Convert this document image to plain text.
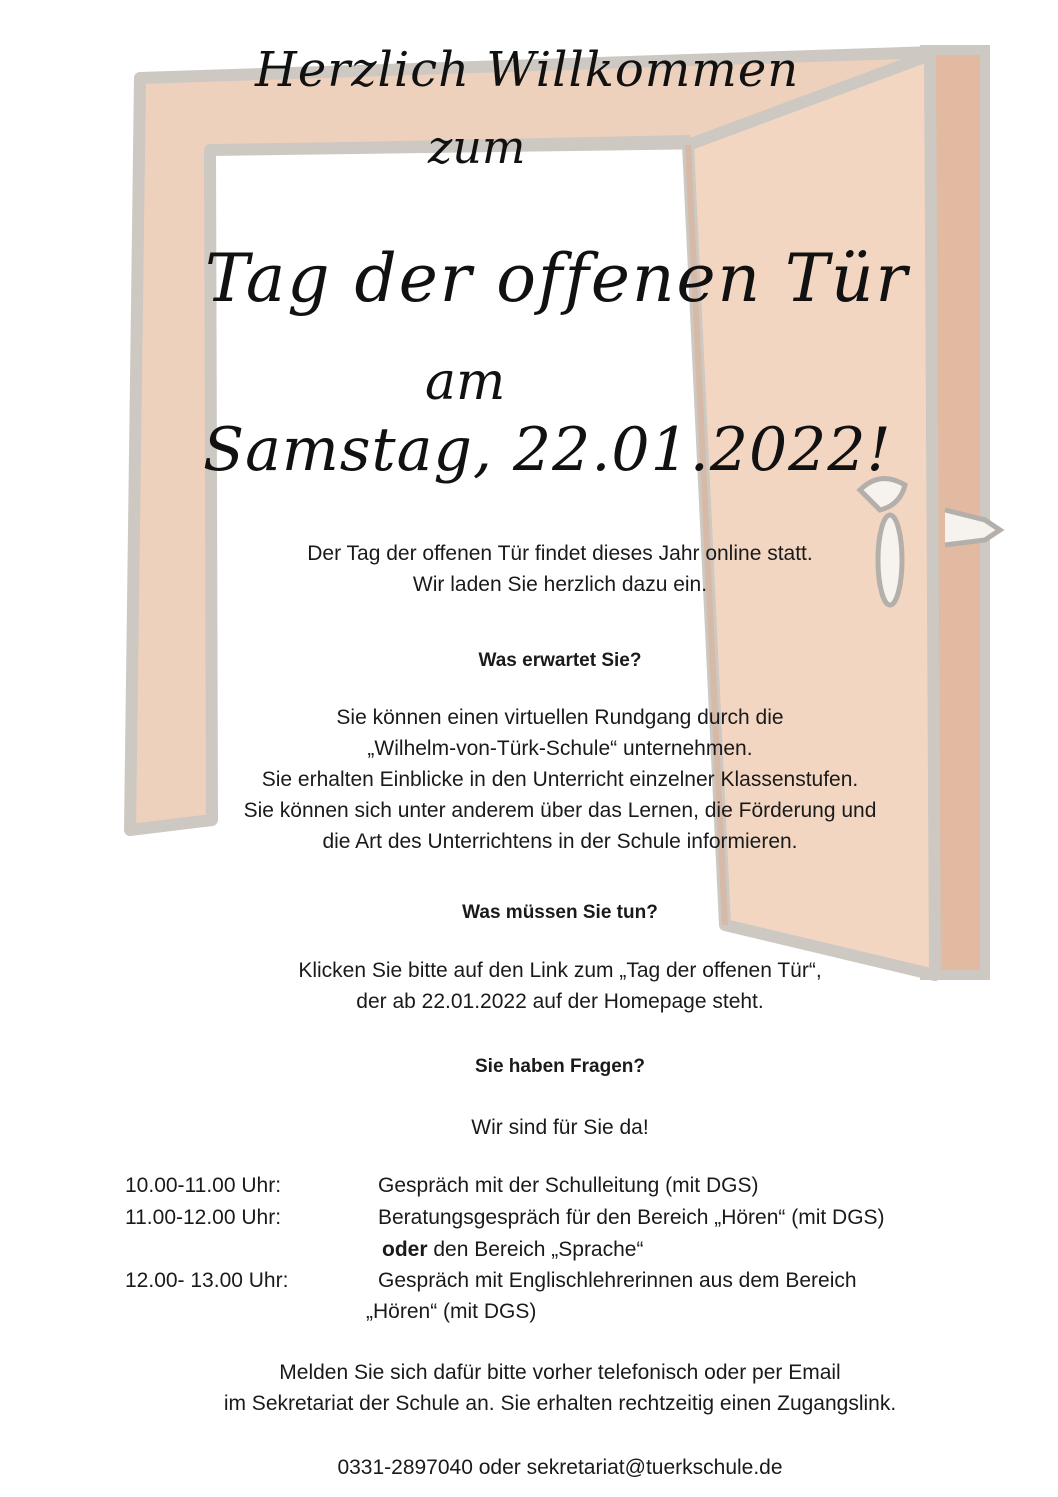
Herzlich Willkommen
zum
Tag der offenen Tür
am
Samstag, 22.01.2022!

Der Tag der offenen Tür findet dieses Jahr online statt.

Wir laden Sie herzlich dazu ein.

Was erwartet Sie?

Sie können einen virtuellen Rundgang durch die

„Wilhelm-von-Türk-Schule“ unternehmen.

Sie erhalten Einblicke in den Unterricht einzelner Klassenstufen.

Sie können sich unter anderem über das Lernen, die Förderung und

die Art des Unterrichtens in der Schule informieren.

Was müssen Sie tun?

Klicken Sie bitte auf den Link zum „Tag der offenen Tür“,

der ab 22.01.2022 auf der Homepage steht.

Sie haben Fragen?
Wir sind für Sie da!
10.00-11.00 Uhr:	Gespräch mit der Schulleitung (mit DGS)
11.00-12.00 Uhr:	Beratungsgespräch für den Bereich „Hören“ (mit DGS)
oder den Bereich „Sprache“
12.00- 13.00 Uhr:	Gespräch mit Englischlehrerinnen aus dem Bereich
„Hören“ (mit DGS)

Melden Sie sich dafür bitte vorher telefonisch oder per Email

im Sekretariat der Schule an. Sie erhalten rechtzeitig einen Zugangslink.

0331-2897040 oder sekretariat@tuerkschule.de
